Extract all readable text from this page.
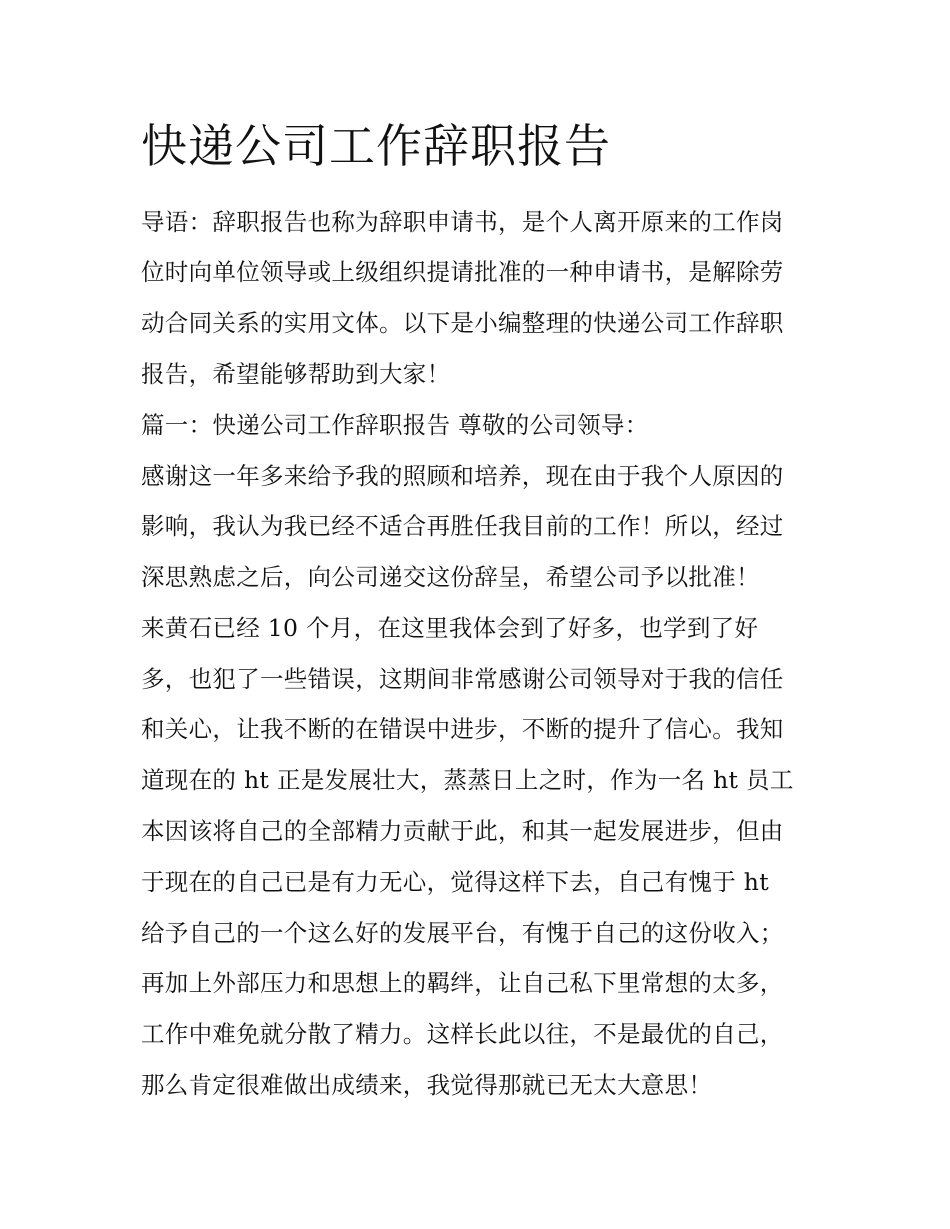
快递公司工作辞职报告
导语：辞职报告也称为辞职申请书，是个人离开原来的工作岗
位时向单位领导或上级组织提请批准的一种申请书，是解除劳
动合同关系的实用文体。以下是小编整理的快递公司工作辞职
报告，希望能够帮助到大家！
篇一：快递公司工作辞职报告 尊敬的公司领导：
感谢这一年多来给予我的照顾和培养，现在由于我个人原因的
影响，我认为我已经不适合再胜任我目前的工作！所以，经过
深思熟虑之后，向公司递交这份辞呈，希望公司予以批准！
来黄石已经 10 个月，在这里我体会到了好多，也学到了好
多，也犯了一些错误，这期间非常感谢公司领导对于我的信任
和关心，让我不断的在错误中进步，不断的提升了信心。我知
道现在的 ht 正是发展壮大，蒸蒸日上之时，作为一名 ht 员工
本因该将自己的全部精力贡献于此，和其一起发展进步，但由
于现在的自己已是有力无心，觉得这样下去，自己有愧于 ht
给予自己的一个这么好的发展平台，有愧于自己的这份收入；
再加上外部压力和思想上的羁绊，让自己私下里常想的太多，
工作中难免就分散了精力。这样长此以往，不是最优的自己，
那么肯定很难做出成绩来，我觉得那就已无太大意思！
